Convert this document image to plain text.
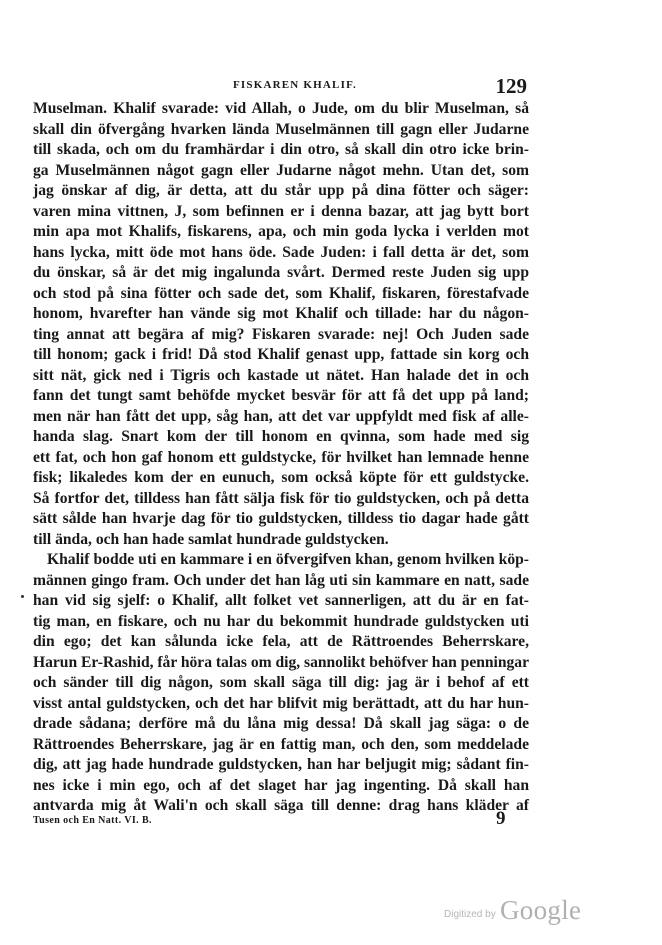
FISKAREN KHALIF.	129
Muselman. Khalif svarade: vid Allah, o Jude, om du blir Muselman, så
skall din öfvergång hvarken lända Muselmännen till gagn eller Judarne
till skada, och om du framhärdar i din otro, så skall din otro icke brin-
ga Muselmännen något gagn eller Judarne något mehn. Utan det, som
jag önskar af dig, är detta, att du står upp på dina fötter och säger:
varen mina vittnen, J, som befinnen er i denna bazar, att jag bytt bort
min apa mot Khalifs, fiskarens, apa, och min goda lycka i verlden mot
hans lycka, mitt öde mot hans öde. Sade Juden: i fall detta är det, som
du önskar, så är det mig ingalunda svårt. Dermed reste Juden sig upp
och stod på sina fötter och sade det, som Khalif, fiskaren, förestafvade
honom, hvarefter han vände sig mot Khalif och tillade: har du någon-
ting annat att begära af mig? Fiskaren svarade: nej! Och Juden sade
till honom; gack i frid! Då stod Khalif genast upp, fattade sin korg och
sitt nät, gick ned i Tigris och kastade ut nätet. Han halade det in och
fann det tungt samt behöfde mycket besvär för att få det upp på land;
men när han fått det upp, såg han, att det var uppfyldt med fisk af alle-
handa slag. Snart kom der till honom en qvinna, som hade med sig
ett fat, och hon gaf honom ett guldstycke, för hvilket han lemnade henne
fisk; likaledes kom der en eunuch, som också köpte för ett guldstycke.
Så fortfor det, tilldess han fått sälja fisk för tio guldstycken, och på detta
sätt sålde han hvarje dag för tio guldstycken, tilldess tio dagar hade gått
till ända, och han hade samlat hundrade guldstycken.
Khalif bodde uti en kammare i en öfvergifven khan, genom hvilken köp-
männen gingo fram. Och under det han låg uti sin kammare en natt, sade
han vid sig sjelf: o Khalif, allt folket vet sannerligen, att du är en fat-
tig man, en fiskare, och nu har du bekommit hundrade guldstycken uti
din ego; det kan sålunda icke fela, att de Rättroendes Beherrskare,
Harun Er-Rashid, får höra talas om dig, sannolikt behöfver han penningar
och sänder till dig någon, som skall säga till dig: jag är i behof af ett
visst antal guldstycken, och det har blifvit mig berättadt, att du har hun-
drade sådana; derföre må du låna mig dessa! Då skall jag säga: o de
Rättroendes Beherrskare, jag är en fattig man, och den, som meddelade
dig, att jag hade hundrade guldstycken, han har beljugit mig; sådant fin-
nes icke i min ego, och af det slaget har jag ingenting. Då skall han
antvarda mig åt Wali'n och skall säga till denne: drag hans kläder af
Tusen och En Natt. VI. B.	9
Digitized by Google
